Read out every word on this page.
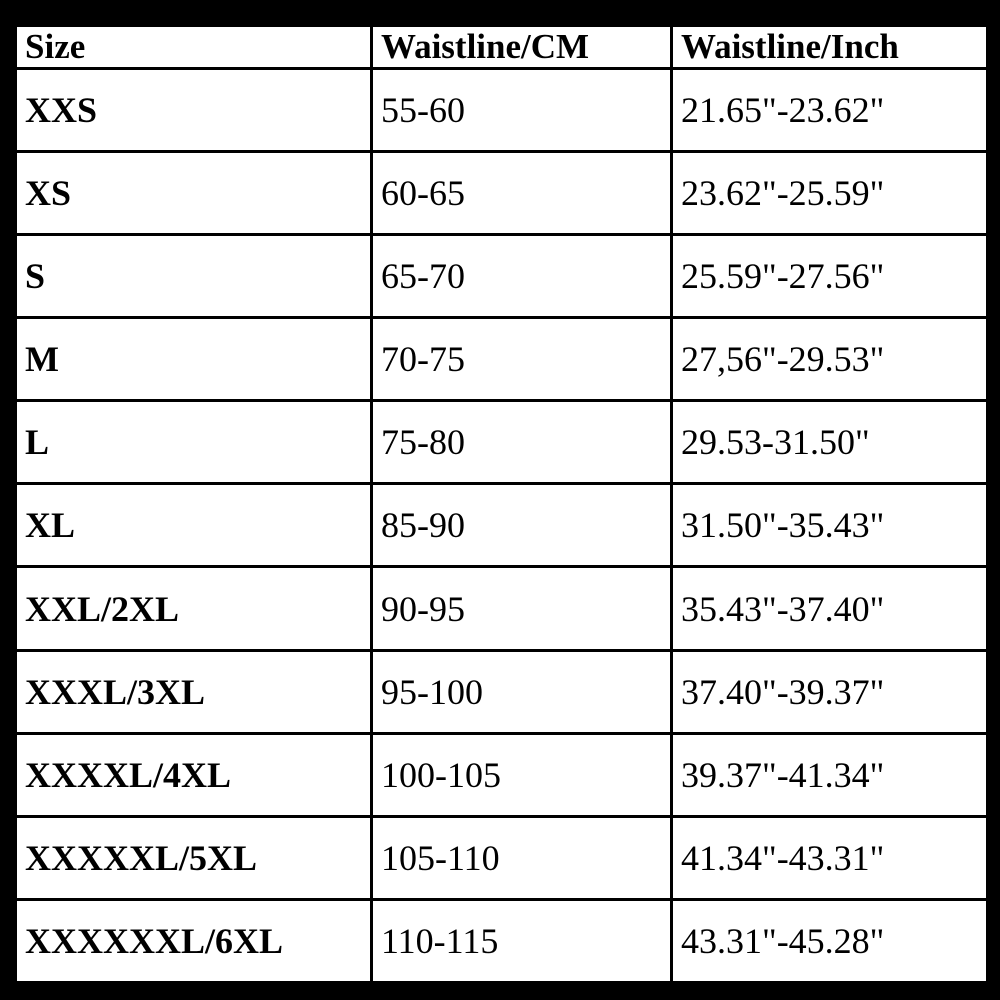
Size	Waistline/CM	Waistline/Inch
XXS	55-60	21.65"-23.62"
XS	60-65	23.62"-25.59"
S	65-70	25.59"-27.56"
M	70-75	27,56"-29.53"
L	75-80	29.53-31.50"
XL	85-90	31.50"-35.43"
XXL/2XL	90-95	35.43"-37.40"
XXXL/3XL	95-100	37.40"-39.37"
XXXXL/4XL	100-105	39.37"-41.34"
XXXXXL/5XL	105-110	41.34"-43.31"
XXXXXXL/6XL	110-115	43.31"-45.28"
